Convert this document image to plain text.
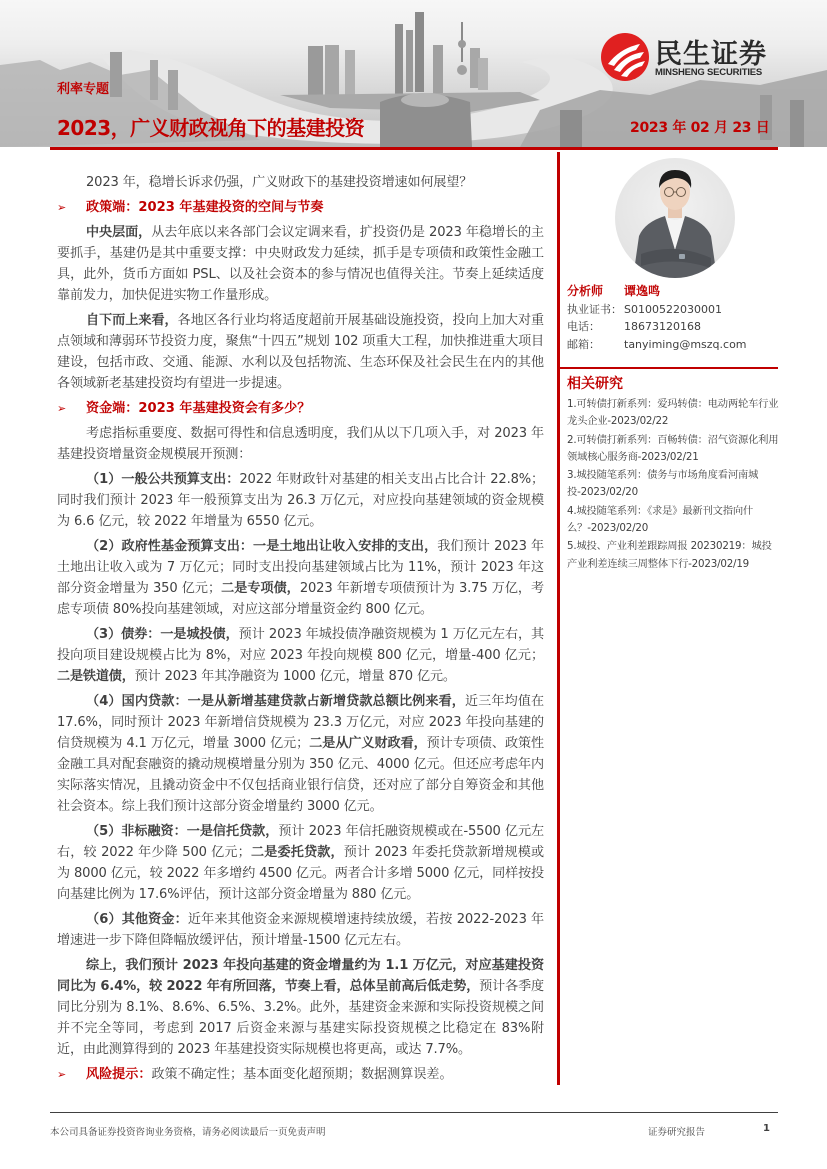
民生证券
MINSHENG SECURITIES
利率专题
2023，广义财政视角下的基建投资	2023 年 02 月 23 日

2023 年，稳增长诉求仍强，广义财政下的基建投资增速如何展望？

➢	政策端：2023 年基建投资的空间与节奏

中央层面，从去年底以来各部门会议定调来看，扩投资仍是 2023 年稳增长的主要抓手，基建仍是其中重要支撑：中央财政发力延续，抓手是专项债和政策性金融工具，此外，货币方面如 PSL、以及社会资本的参与情况也值得关注。节奏上延续适度靠前发力，加快促进实物工作量形成。

自下而上来看，各地区各行业均将适度超前开展基础设施投资，投向上加大对重点领域和薄弱环节投资力度，聚焦“十四五”规划 102 项重大工程，加快推进重大项目建设，包括市政、交通、能源、水利以及包括物流、生态环保及社会民生在内的其他各领域新老基建投资均有望进一步提速。

➢	资金端：2023 年基建投资会有多少？

考虑指标重要度、数据可得性和信息透明度，我们从以下几项入手，对 2023 年基建投资增量资金规模展开预测：

（1）一般公共预算支出：2022 年财政针对基建的相关支出占比合计 22.8%；同时我们预计 2023 年一般预算支出为 26.3 万亿元，对应投向基建领域的资金规模为 6.6 亿元，较 2022 年增量为 6550 亿元。

（2）政府性基金预算支出：一是土地出让收入安排的支出，我们预计 2023 年土地出让收入或为 7 万亿元；同时支出投向基建领域占比为 11%，预计 2023 年这部分资金增量为 350 亿元；二是专项债，2023 年新增专项债预计为 3.75 万亿，考虑专项债 80%投向基建领域，对应这部分增量资金约 800 亿元。

（3）债券：一是城投债，预计 2023 年城投债净融资规模为 1 万亿元左右，其投向项目建设规模占比为 8%，对应 2023 年投向规模 800 亿元，增量-400 亿元；二是铁道债，预计 2023 年其净融资为 1000 亿元，增量 870 亿元。

（4）国内贷款：一是从新增基建贷款占新增贷款总额比例来看，近三年均值在 17.6%，同时预计 2023 年新增信贷规模为 23.3 万亿元，对应 2023 年投向基建的信贷规模为 4.1 万亿元，增量 3000 亿元；二是从广义财政看，预计专项债、政策性金融工具对配套融资的撬动规模增量分别为 350 亿元、4000 亿元。但还应考虑年内实际落实情况，且撬动资金中不仅包括商业银行信贷，还对应了部分自筹资金和其他社会资本。综上我们预计这部分资金增量约 3000 亿元。

（5）非标融资：一是信托贷款，预计 2023 年信托融资规模或在-5500 亿元左右，较 2022 年少降 500 亿元；二是委托贷款，预计 2023 年委托贷款新增规模或为 8000 亿元，较 2022 年多增约 4500 亿元。两者合计多增 5000 亿元，同样按投向基建比例为 17.6%评估，预计这部分资金增量为 880 亿元。

（6）其他资金：近年来其他资金来源规模增速持续放缓，若按 2022-2023 年增速进一步下降但降幅放缓评估，预计增量-1500 亿元左右。

综上，我们预计 2023 年投向基建的资金增量约为 1.1 万亿元，对应基建投资同比为 6.4%，较 2022 年有所回落，节奏上看，总体呈前高后低走势，预计各季度同比分别为 8.1%、8.6%、6.5%、3.2%。此外，基建资金来源和实际投资规模之间并不完全等同，考虑到 2017 后资金来源与基建实际投资规模之比稳定在 83%附近，由此测算得到的 2023 年基建投资实际规模也将更高，或达 7.7%。

➢	风险提示：政策不确定性；基本面变化超预期；数据测算误差。
分析师	谭逸鸣
执业证书： S0100522030001
电话：	18673120168
邮箱：	tanyiming@mszq.com
相关研究
1.可转债打新系列：爱玛转债：电动两轮车行业龙头企业-2023/02/22
2.可转债打新系列：百畅转债：沼气资源化利用领域核心服务商-2023/02/21
3.城投随笔系列：债务与市场角度看河南城投-2023/02/20
4.城投随笔系列：《求是》最新刊文指向什么？-2023/02/20
5.城投、产业利差跟踪周报 20230219：城投产业利差连续三周整体下行-2023/02/19
本公司具备证券投资咨询业务资格，请务必阅读最后一页免责声明	证券研究报告	1
